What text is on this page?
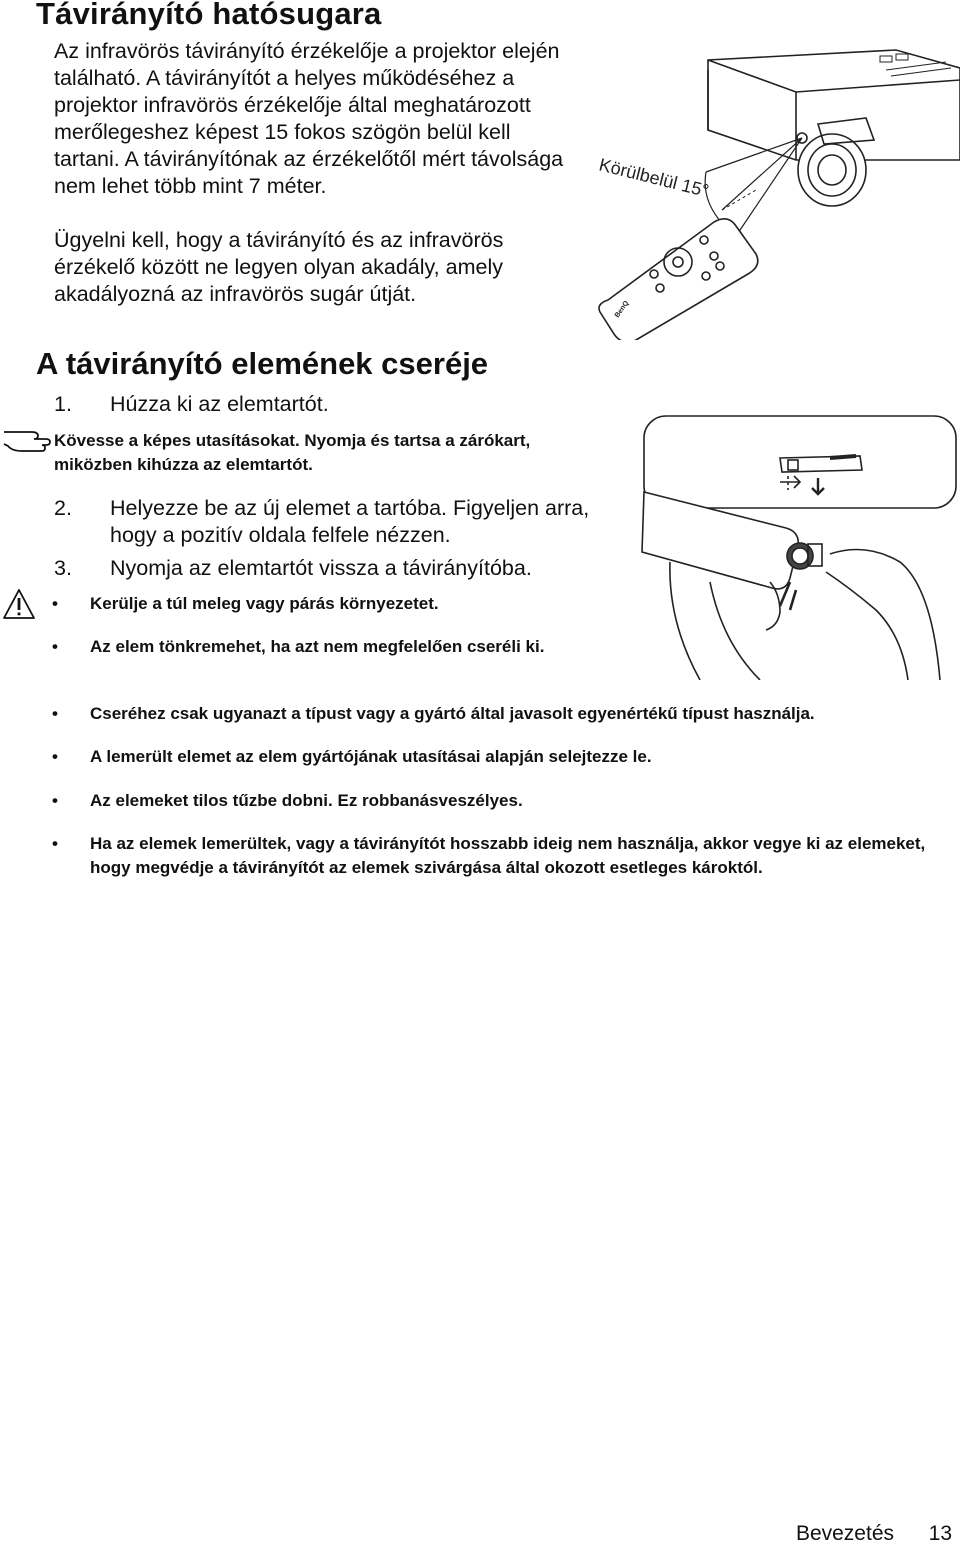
Távirányító hatósugara

Az infravörös távirányító érzékelője a projektor elején található. A távirányítót a helyes működéséhez a projektor infravörös érzékelője által meghatározott merőlegeshez képest 15 fokos szögön belül kell tartani. A távirányítónak az érzékelőtől mért távolsága nem lehet több mint 7 méter.

Ügyelni kell, hogy a távirányító és az infravörös érzékelő között ne legyen olyan akadály, amely akadályozná az infravörös sugár útját.

BenQ
Körülbelül 15°
A távirányító elemének cseréje
1. Húzza ki az elemtartót.
Kövesse a képes utasításokat. Nyomja és tartsa a zárókart, miközben kihúzza az elemtartót.
2.	Helyezze be az új elemet a tartóba. Figyeljen arra, hogy a pozitív oldala felfele nézzen.
3. Nyomja az elemtartót vissza a távirányítóba.
• Kerülje a túl meleg vagy párás környezetet.
• Az elem tönkremehet, ha azt nem megfelelően cseréli ki.
• Cseréhez csak ugyanazt a típust vagy a gyártó által javasolt egyenértékű típust használja.
• A lemerült elemet az elem gyártójának utasításai alapján selejtezze le.
• Az elemeket tilos tűzbe dobni. Ez robbanásveszélyes.
• Ha az elemek lemerültek, vagy a távirányítót hosszabb ideig nem használja, akkor vegye ki az elemeket, hogy megvédje a távirányítót az elemek szivárgása által okozott esetleges károktól.
Bevezetés 13
